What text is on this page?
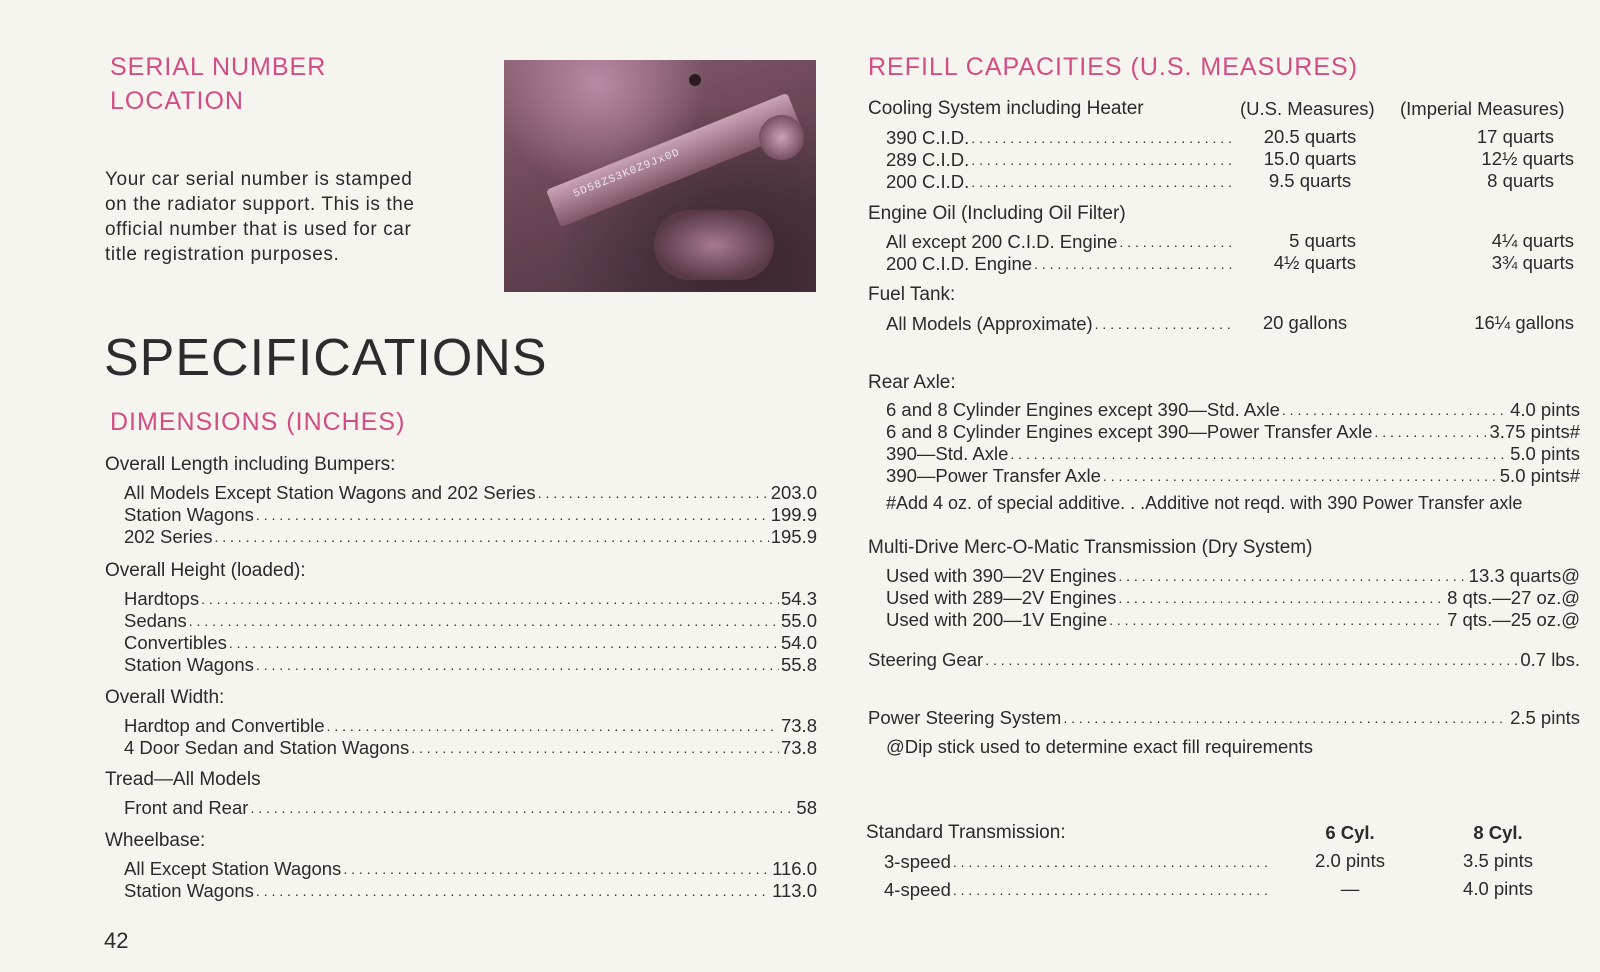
SERIAL NUMBER
LOCATION
Your car serial number is stamped
on the radiator support. This is the
official number that is used for car
title registration purposes.
5D58ZS3K0Z9Jx0D
SPECIFICATIONS
DIMENSIONS (INCHES)
Overall Length including Bumpers:
All Models Except Station Wagons and 202 Series . . .	203.0
Station Wagons . . .	199.9
202 Series . . .	195.9
Overall Height (loaded):
Hardtops . . .	54.3
Sedans . . .	55.0
Convertibles . . .	54.0
Station Wagons . . .	55.8
Overall Width:
Hardtop and Convertible . . .	73.8
4 Door Sedan and Station Wagons . . .	73.8
Tread—All Models
Front and Rear . . .	58
Wheelbase:
All Except Station Wagons . . .	116.0
Station Wagons . . .	113.0
42
REFILL CAPACITIES (U.S. MEASURES)
Cooling System including Heater	(U.S. Measures) (Imperial Measures)
390 C.I.D. . . .	20.5 quarts	17 quarts
289 C.I.D. . . .	15.0 quarts	12½ quarts
200 C.I.D. . . .	9.5 quarts	8 quarts
Engine Oil (Including Oil Filter)
All except 200 C.I.D. Engine . . .	5 quarts	4¼ quarts
200 C.I.D. Engine . . .	4½ quarts	3¾ quarts
Fuel Tank:
All Models (Approximate) . . .	20 gallons	16¼ gallons
Rear Axle:
6 and 8 Cylinder Engines except 390—Std. Axle . . .	4.0 pints
6 and 8 Cylinder Engines except 390—Power Transfer Axle . . .	3.75 pints#
390—Std. Axle . . .	5.0 pints
390—Power Transfer Axle . . .	5.0 pints#
#Add 4 oz. of special additive. . .Additive not reqd. with 390 Power Transfer axle
Multi-Drive Merc-O-Matic Transmission (Dry System)
Used with 390—2V Engines . . .	13.3 quarts@
Used with 289—2V Engines . . .	8 qts.—27 oz.@
Used with 200—1V Engine . . .	7 qts.—25 oz.@
Steering Gear . . .	0.7 lbs.
Power Steering System . . .	2.5 pints
@Dip stick used to determine exact fill requirements
Standard Transmission:	6 Cyl.	8 Cyl.
3-speed . . .	2.0 pints	3.5 pints
4-speed . . .	—	4.0 pints
